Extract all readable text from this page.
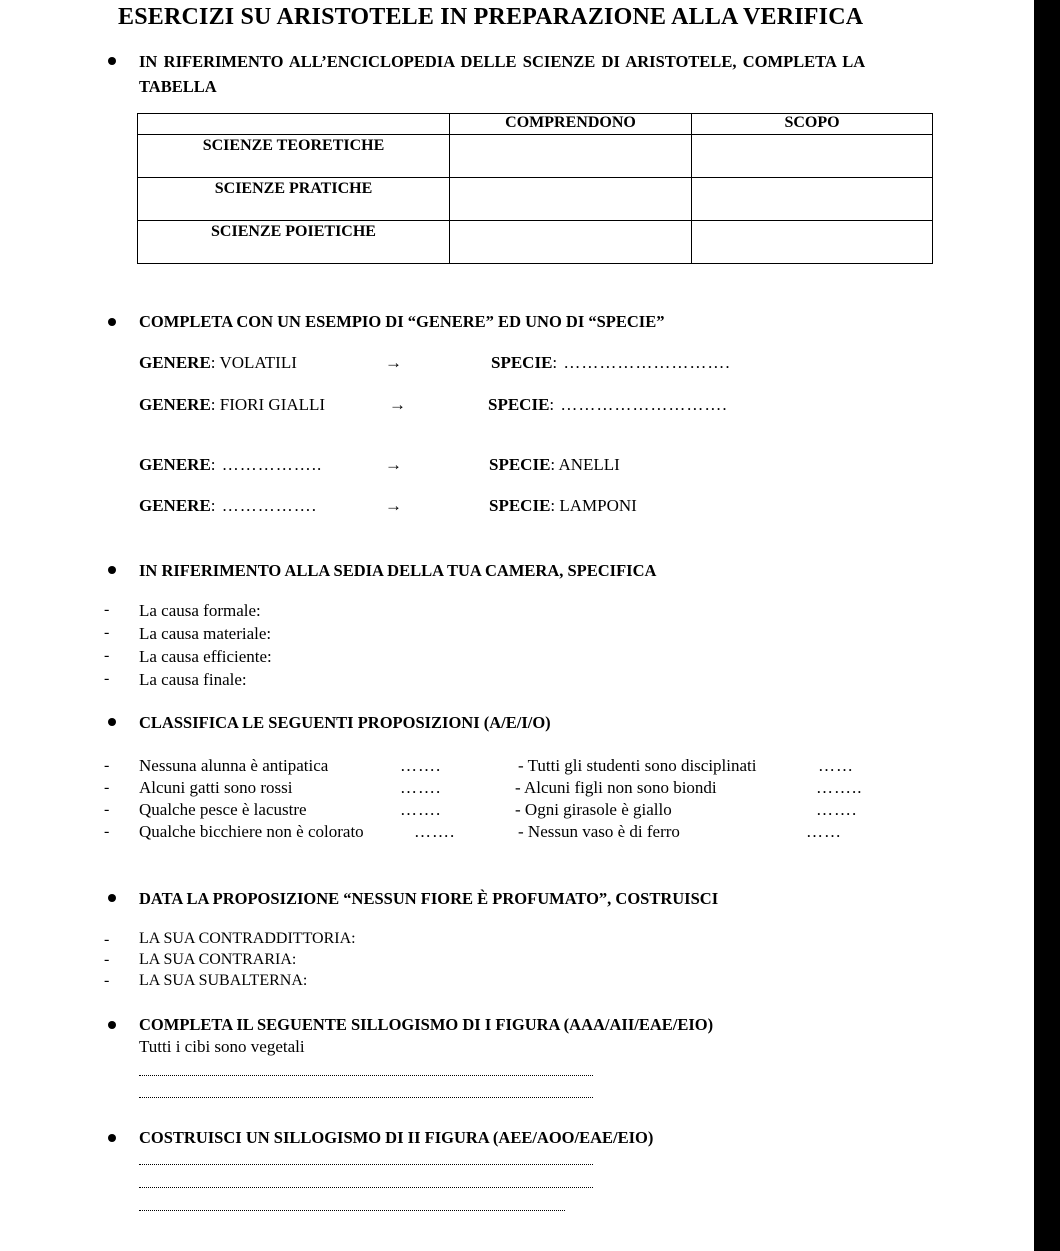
ESERCIZI SU ARISTOTELE IN PREPARAZIONE ALLA VERIFICA
IN RIFERIMENTO ALL’ENCICLOPEDIA DELLE SCIENZE DI ARISTOTELE, COMPLETA LA
TABELLA
	COMPRENDONO	SCOPO
SCIENZE TEORETICHE		
SCIENZE PRATICHE		
SCIENZE POIETICHE		
COMPLETA CON UN ESEMPIO DI “GENERE” ED UNO DI “SPECIE”
GENERE: VOLATILI	→	SPECIE: ……………………….
GENERE: FIORI GIALLI	→	SPECIE: ……………………….
GENERE: ……………..	→	SPECIE: ANELLI
GENERE: …………….	→	SPECIE: LAMPONI
IN RIFERIMENTO ALLA SEDIA DELLA TUA CAMERA, SPECIFICA
- La causa formale:
- La causa materiale:
- La causa efficiente:
- La causa finale:
CLASSIFICA LE SEGUENTI PROPOSIZIONI (A/E/I/O)
- Nessuna alunna è antipatica	…….	- Tutti gli studenti sono disciplinati	……
- Alcuni gatti sono rossi	…….	- Alcuni figli non sono biondi	……..
- Qualche pesce è lacustre	…….	- Ogni girasole è giallo	…….
- Qualche bicchiere non è colorato	…….	- Nessun vaso è di ferro	……
DATA LA PROPOSIZIONE “NESSUN FIORE È PROFUMATO”, COSTRUISCI
- LA SUA CONTRADDITTORIA:
- LA SUA CONTRARIA:
- LA SUA SUBALTERNA:
COMPLETA IL SEGUENTE SILLOGISMO DI I FIGURA (AAA/AII/EAE/EIO)
Tutti i cibi sono vegetali
COSTRUISCI UN SILLOGISMO DI II FIGURA (AEE/AOO/EAE/EIO)
